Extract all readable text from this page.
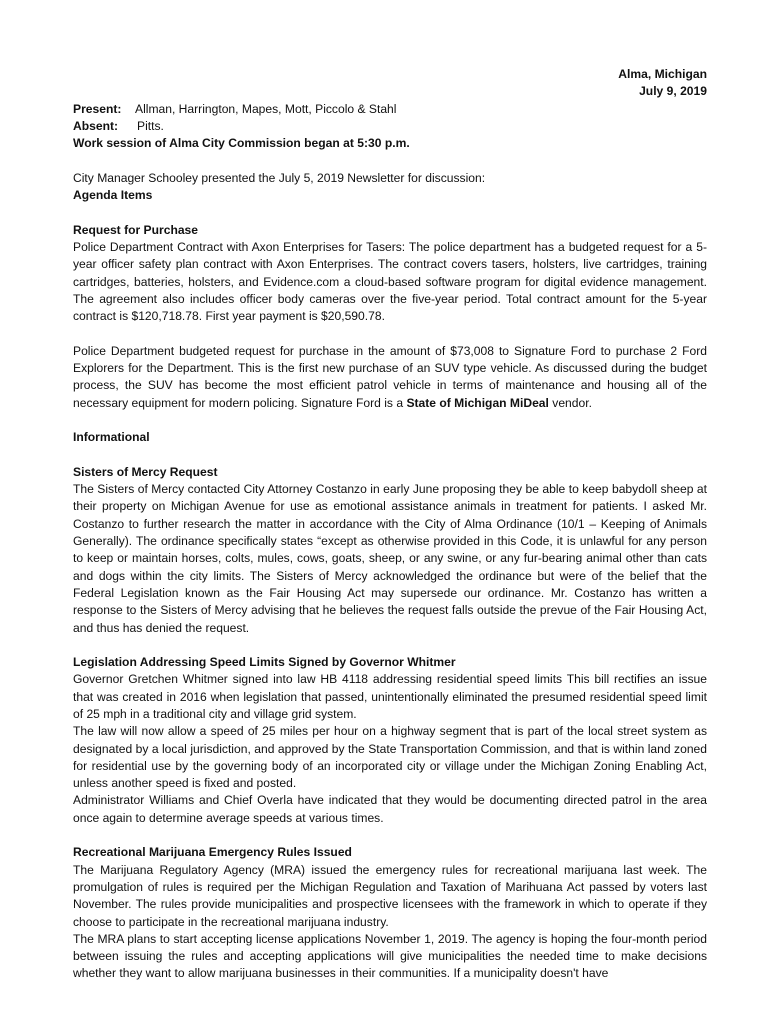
Alma, Michigan

July 9, 2019

Present: Allman, Harrington, Mapes, Mott, Piccolo & Stahl

Absent: Pitts.

Work session of Alma City Commission began at 5:30 p.m.

City Manager Schooley presented the July 5, 2019 Newsletter for discussion:

Agenda Items

Request for Purchase

Police Department Contract with Axon Enterprises for Tasers: The police department has a budgeted request for a 5-year officer safety plan contract with Axon Enterprises. The contract covers tasers, holsters, live cartridges, training cartridges, batteries, holsters, and Evidence.com a cloud-based software program for digital evidence management. The agreement also includes officer body cameras over the five-year period. Total contract amount for the 5-year contract is $120,718.78. First year payment is $20,590.78.

Police Department budgeted request for purchase in the amount of $73,008 to Signature Ford to purchase 2 Ford Explorers for the Department. This is the first new purchase of an SUV type vehicle. As discussed during the budget process, the SUV has become the most efficient patrol vehicle in terms of maintenance and housing all of the necessary equipment for modern policing. Signature Ford is a State of Michigan MiDeal vendor.

Informational

Sisters of Mercy Request

The Sisters of Mercy contacted City Attorney Costanzo in early June proposing they be able to keep babydoll sheep at their property on Michigan Avenue for use as emotional assistance animals in treatment for patients. I asked Mr. Costanzo to further research the matter in accordance with the City of Alma Ordinance (10/1 – Keeping of Animals Generally). The ordinance specifically states “except as otherwise provided in this Code, it is unlawful for any person to keep or maintain horses, colts, mules, cows, goats, sheep, or any swine, or any fur-bearing animal other than cats and dogs within the city limits. The Sisters of Mercy acknowledged the ordinance but were of the belief that the Federal Legislation known as the Fair Housing Act may supersede our ordinance. Mr. Costanzo has written a response to the Sisters of Mercy advising that he believes the request falls outside the prevue of the Fair Housing Act, and thus has denied the request.

Legislation Addressing Speed Limits Signed by Governor Whitmer

Governor Gretchen Whitmer signed into law HB 4118 addressing residential speed limits This bill rectifies an issue that was created in 2016 when legislation that passed, unintentionally eliminated the presumed residential speed limit of 25 mph in a traditional city and village grid system.

The law will now allow a speed of 25 miles per hour on a highway segment that is part of the local street system as designated by a local jurisdiction, and approved by the State Transportation Commission, and that is within land zoned for residential use by the governing body of an incorporated city or village under the Michigan Zoning Enabling Act, unless another speed is fixed and posted.

Administrator Williams and Chief Overla have indicated that they would be documenting directed patrol in the area once again to determine average speeds at various times.

Recreational Marijuana Emergency Rules Issued

The Marijuana Regulatory Agency (MRA) issued the emergency rules for recreational marijuana last week. The promulgation of rules is required per the Michigan Regulation and Taxation of Marihuana Act passed by voters last November. The rules provide municipalities and prospective licensees with the framework in which to operate if they choose to participate in the recreational marijuana industry.

The MRA plans to start accepting license applications November 1, 2019. The agency is hoping the four-month period between issuing the rules and accepting applications will give municipalities the needed time to make decisions whether they want to allow marijuana businesses in their communities. If a municipality doesn't have
